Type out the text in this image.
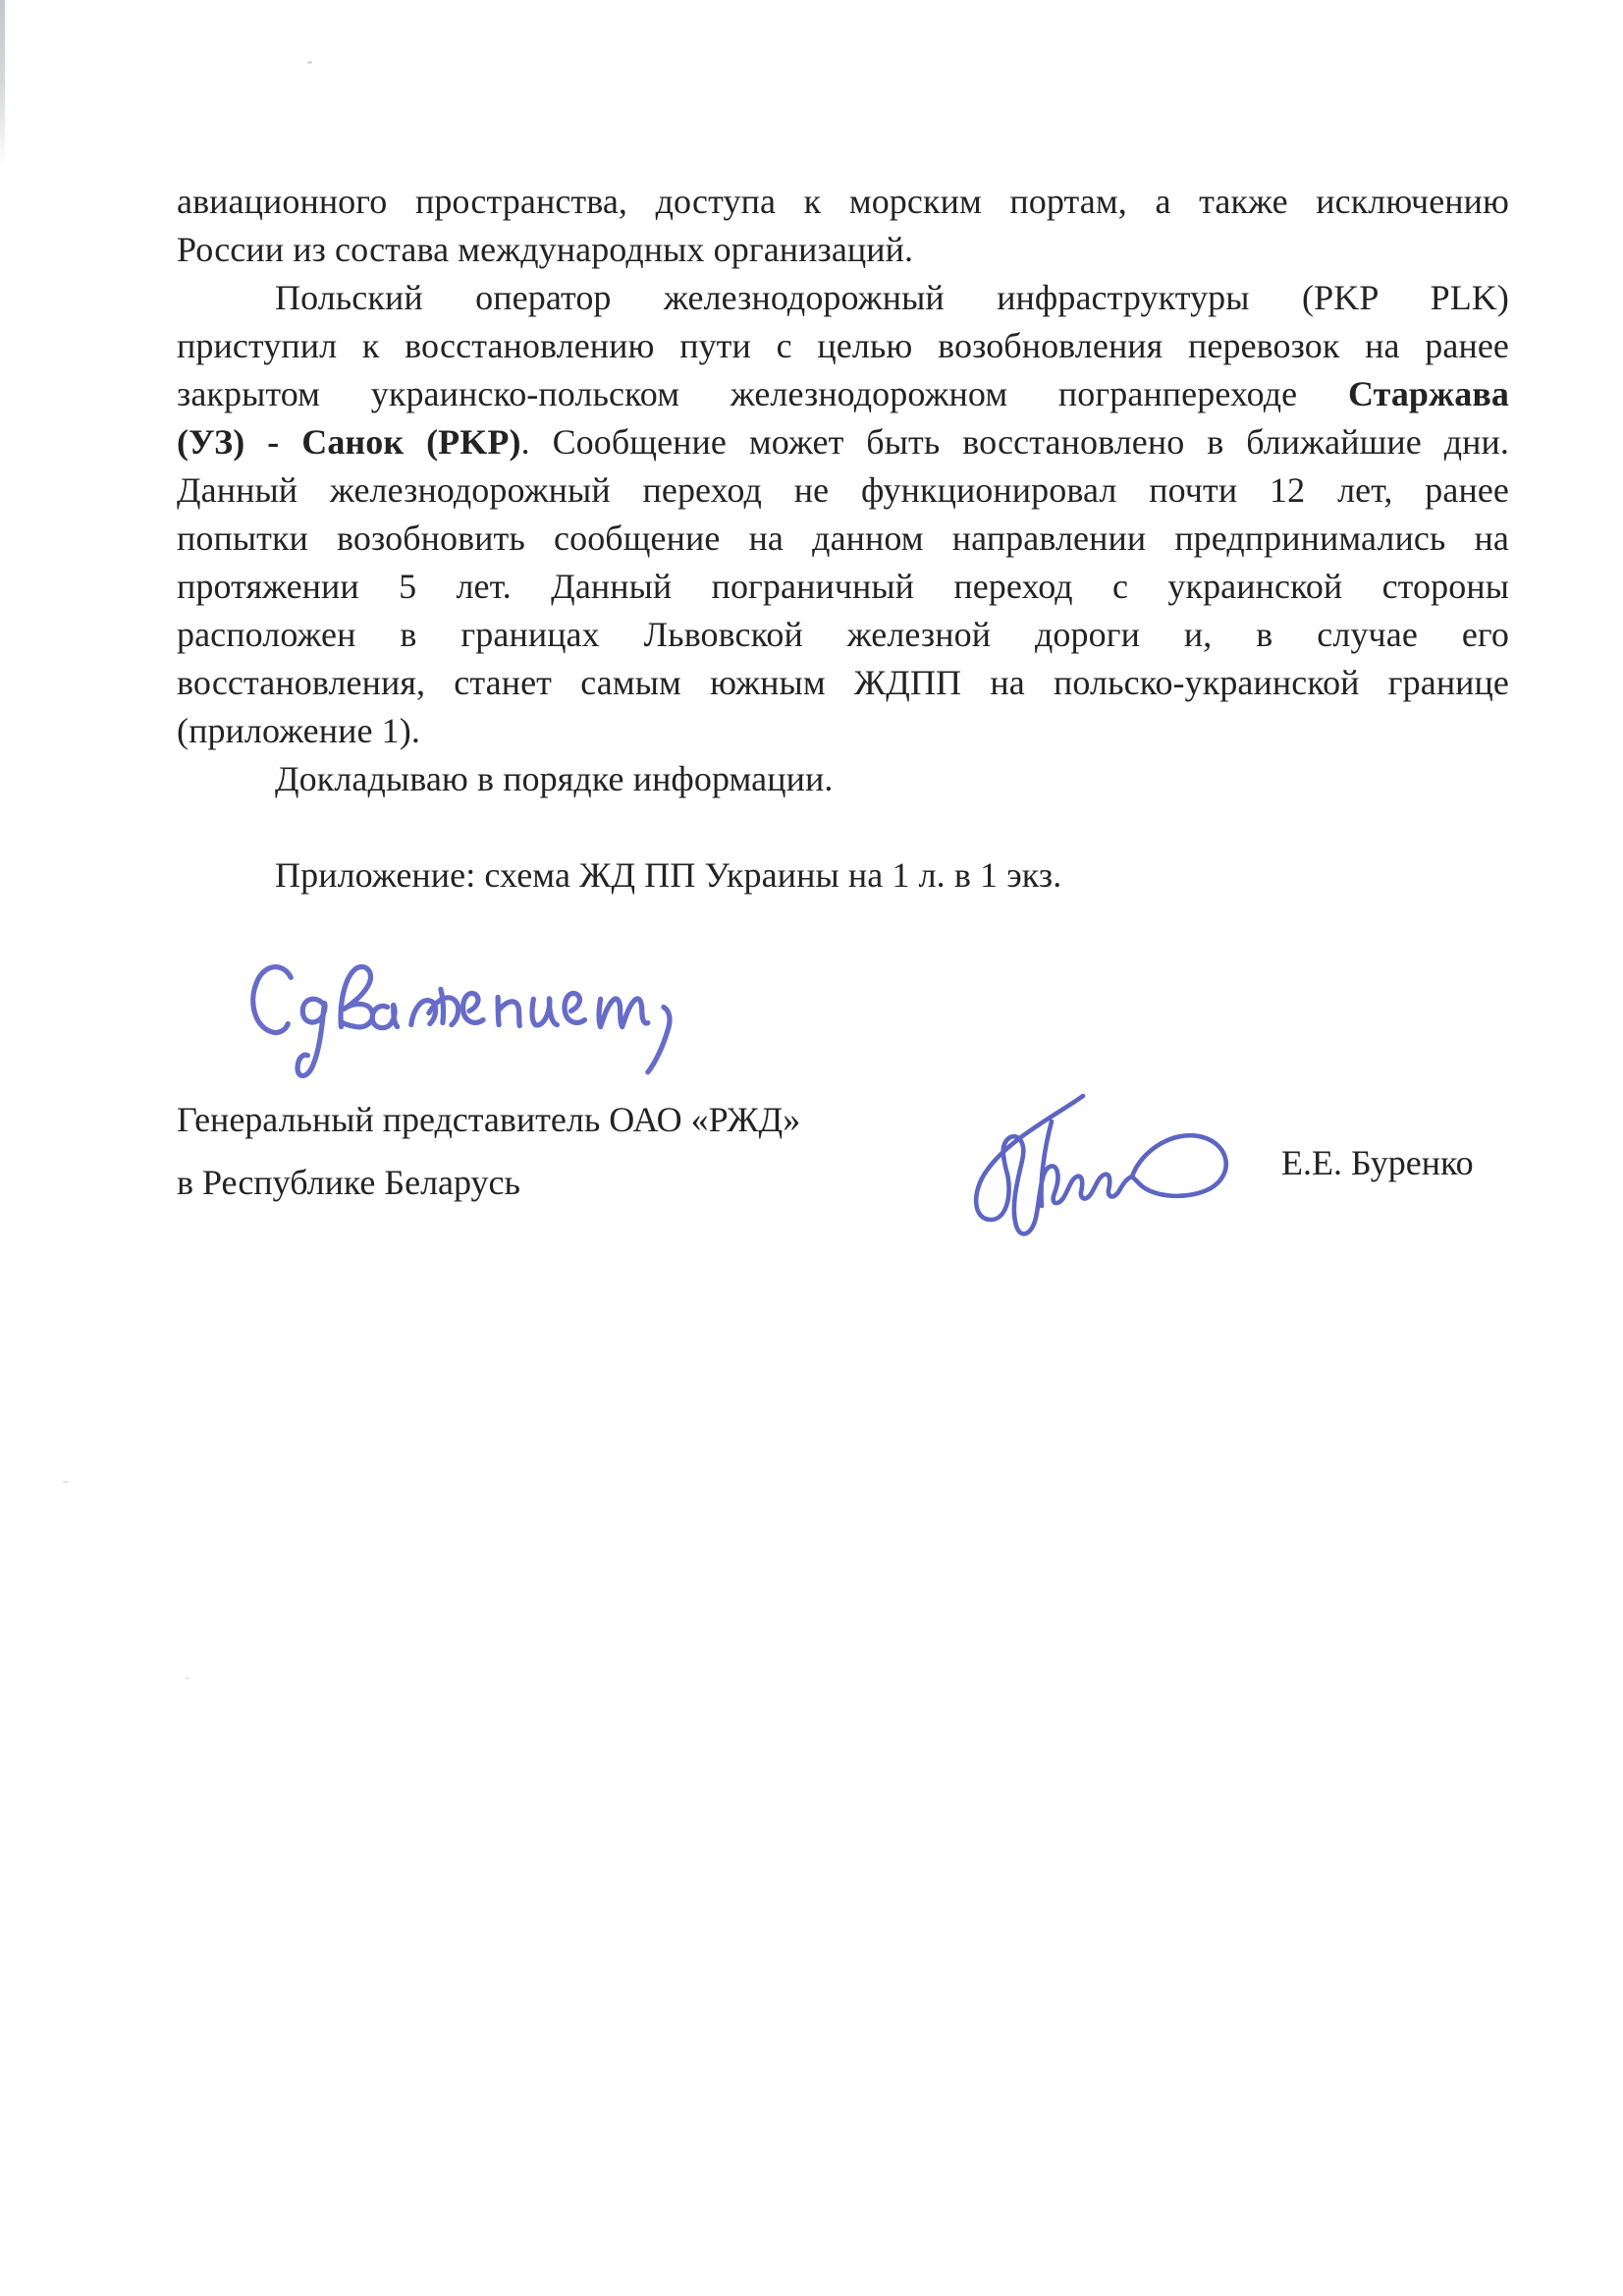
авиационного пространства, доступа к морским портам, а также исключению
России из состава международных организаций.
Польский оператор железнодорожный инфраструктуры (PKP PLK)
приступил к восстановлению пути с целью возобновления перевозок на ранее
закрытом украинско-польском железнодорожном погранпереходе Старжава
(УЗ) - Санок (PKP). Сообщение может быть восстановлено в ближайшие дни.
Данный железнодорожный переход не функционировал почти 12 лет, ранее
попытки возобновить сообщение на данном направлении предпринимались на
протяжении 5 лет. Данный пограничный переход с украинской стороны
расположен в границах Львовской железной дороги и, в случае его
восстановления, станет самым южным ЖДПП на польско-украинской границе
(приложение 1).
Докладываю в порядке информации.
Приложение: схема ЖД ПП Украины на 1 л. в 1 экз.
Генеральный представитель ОАО «РЖД»
в Республике Беларусь	Е.Е. Буренко
